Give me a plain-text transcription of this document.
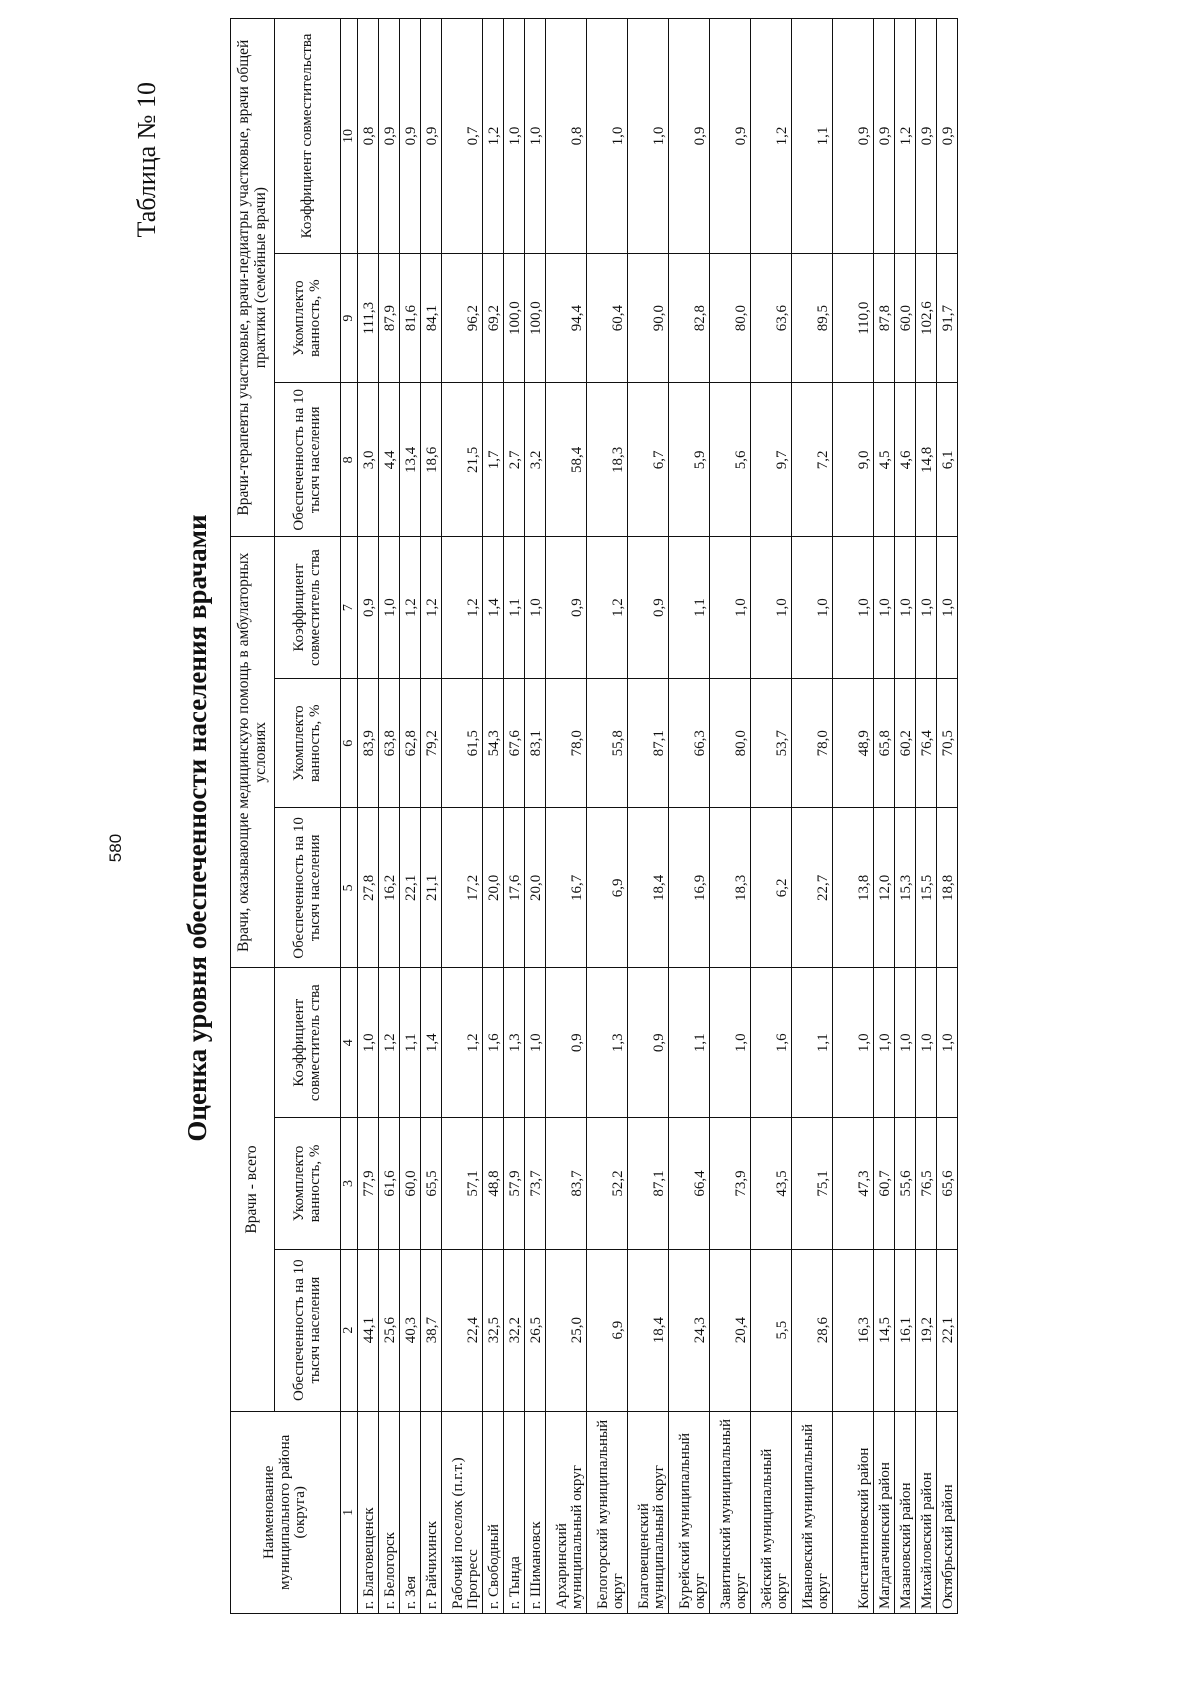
580
Таблица № 10
Оценка уровня обеспеченности населения врачами
Наименование муниципального района (округа)	Врачи - всего			Врачи, оказывающие медицинскую помощь в амбулаторных условиях			Врачи-терапевты участковые, врачи-педиатры участковые, врачи общей практики (семейные врачи)		
	Обеспеченность на 10 тысяч населения	Укомплекто ванность, %	Коэффициент совместитель ства	Обеспеченность на 10 тысяч населения	Укомплекто ванность, %	Коэффициент совместитель ства	Обеспеченность на 10 тысяч населения	Укомплекто ванность, %	Коэффициент совместительства
1	2	3	4	5	6	7	8	9	10
г. Благовещенск	44,1	77,9	1,0	27,8	83,9	0,9	3,0	111,3	0,8
г. Белогорск	25,6	61,6	1,2	16,2	63,8	1,0	4,4	87,9	0,9
г. Зея	40,3	60,0	1,1	22,1	62,8	1,2	13,4	81,6	0,9
г. Райчихинск	38,7	65,5	1,4	21,1	79,2	1,2	18,6	84,1	0,9
Рабочий поселок (п.г.т.) Прогресс	22,4	57,1	1,2	17,2	61,5	1,2	21,5	96,2	0,7
г. Свободный	32,5	48,8	1,6	20,0	54,3	1,4	1,7	69,2	1,2
г. Тында	32,2	57,9	1,3	17,6	67,6	1,1	2,7	100,0	1,0
г. Шимановск	26,5	73,7	1,0	20,0	83,1	1,0	3,2	100,0	1,0
Архаринский муниципальный округ	25,0	83,7	0,9	16,7	78,0	0,9	58,4	94,4	0,8
Белогорский муниципальный округ	6,9	52,2	1,3	6,9	55,8	1,2	18,3	60,4	1,0
Благовещенский муниципальный округ	18,4	87,1	0,9	18,4	87,1	0,9	6,7	90,0	1,0
Бурейский муниципальный округ	24,3	66,4	1,1	16,9	66,3	1,1	5,9	82,8	0,9
Завитинский муниципальный округ	20,4	73,9	1,0	18,3	80,0	1,0	5,6	80,0	0,9
Зейский муниципальный округ	5,5	43,5	1,6	6,2	53,7	1,0	9,7	63,6	1,2
Ивановский муниципальный округ	28,6	75,1	1,1	22,7	78,0	1,0	7,2	89,5	1,1
Константиновский район	16,3	47,3	1,0	13,8	48,9	1,0	9,0	110,0	0,9
Магдагачинский район	14,5	60,7	1,0	12,0	65,8	1,0	4,5	87,8	0,9
Мазановский район	16,1	55,6	1,0	15,3	60,2	1,0	4,6	60,0	1,2
Михайловский район	19,2	76,5	1,0	15,5	76,4	1,0	14,8	102,6	0,9
Октябрьский район	22,1	65,6	1,0	18,8	70,5	1,0	6,1	91,7	0,9
